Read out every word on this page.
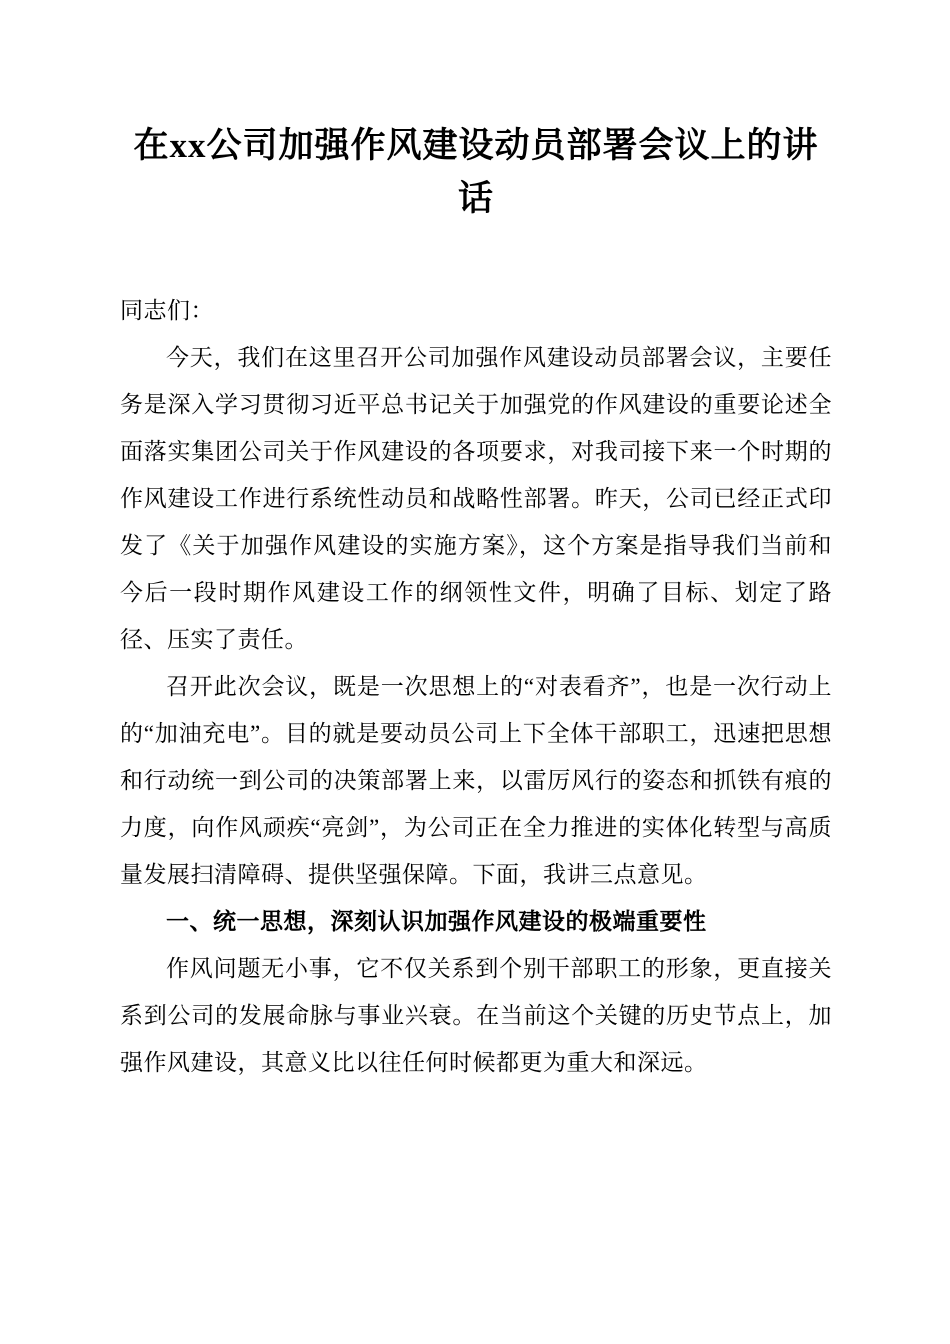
在xx公司加强作风建设动员部署会议上的讲话

同志们：

今天，我们在这里召开公司加强作风建设动员部署会议，主要任务是深入学习贯彻习近平总书记关于加强党的作风建设的重要论述全面落实集团公司关于作风建设的各项要求，对我司接下来一个时期的作风建设工作进行系统性动员和战略性部署。昨天，公司已经正式印发了《关于加强作风建设的实施方案》，这个方案是指导我们当前和今后一段时期作风建设工作的纲领性文件，明确了目标、划定了路径、压实了责任。

召开此次会议，既是一次思想上的“对表看齐”，也是一次行动上的“加油充电”。目的就是要动员公司上下全体干部职工，迅速把思想和行动统一到公司的决策部署上来，以雷厉风行的姿态和抓铁有痕的力度，向作风顽疾“亮剑”，为公司正在全力推进的实体化转型与高质量发展扫清障碍、提供坚强保障。下面，我讲三点意见。

一、统一思想，深刻认识加强作风建设的极端重要性

作风问题无小事，它不仅关系到个别干部职工的形象，更直接关系到公司的发展命脉与事业兴衰。在当前这个关键的历史节点上，加强作风建设，其意义比以往任何时候都更为重大和深远。
